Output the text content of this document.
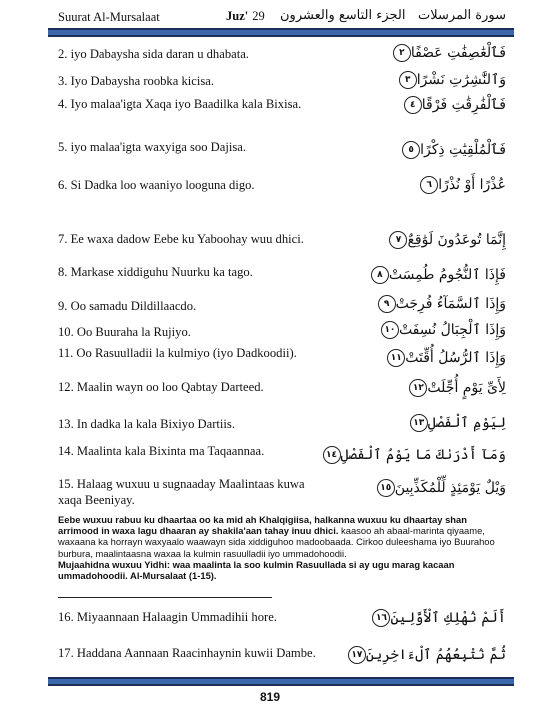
Suurat Al-Mursalaat	Juz' 29 الجزء التاسع والعشرون سورة المرسلات
2. iyo Dabaysha sida daran u dhabata.	فَٱلْعَٰصِفَٰتِ عَصْفًا٢
3. Iyo Dabaysha roobka kicisa.	وَٱلنَّٰشِرَٰتِ نَشْرًا٣
4. Iyo malaa'igta Xaqa iyo Baadilka kala Bixisa.	فَٱلْفَٰرِقَٰتِ فَرْقًا٤
5. iyo malaa'igta waxyiga soo Dajisa.	فَٱلْمُلْقِيَٰتِ ذِكْرًا٥
6. Si Dadka loo waaniyo looguna digo.	عُذْرًا أَوْ نُذْرًا٦
7. Ee waxa dadow Eebe ku Yaboohay wuu dhici.	إِنَّمَا تُوعَدُونَ لَوَٰقِعٌ٧
8. Markase xiddiguhu Nuurku ka tago.	فَإِذَا ٱلنُّجُومُ طُمِسَتْ٨
9. Oo samadu Dildillaacdo.	وَإِذَا ٱلسَّمَآءُ فُرِجَتْ٩
10. Oo Buuraha la Rujiyo.	وَإِذَا ٱلْجِبَالُ نُسِفَتْ١٠
11. Oo Rasuulladii la kulmiyo (iyo Dadkoodii).	وَإِذَا ٱلرُّسُلُ أُقِّتَتْ١١
12. Maalin wayn oo loo Qabtay Darteed.	لِأَىِّ يَوْمٍ أُجِّلَتْ١٢
13. In dadka la kala Bixiyo Dartiis.	لِيَوْمِ ٱلْفَصْلِ١٣
14. Maalinta kala Bixinta ma Taqaannaa.	وَمَآ أَدْرَىٰكَ مَا يَوْمُ ٱلْفَصْلِ١٤
15. Halaag wuxuu u sugnaaday Maalintaas kuwa xaqa Beeniyay.
وَيْلٌ يَوْمَئِذٍ لِّلْمُكَذِّبِينَ١٥

Eebe wuxuu rabuu ku dhaartaa oo ka mid ah Khalqigiisa, halkanna wuxuu ku dhaartay shan arrimood in waxa lagu dhaaran ay shakila'aan tahay inuu dhici. kaasoo ah abaal-marinta qiyaame, waxaana ka horrayn waxyaalo waawayn sida xiddiguhoo madoobaada. Cirkoo duleeshama iyo Buurahoo burbura, maalintaasna waxaa la kulmin rasuulladii iyo ummadohoodii.

Mujaahidna wuxuu Yidhi: waa maalinta la soo kulmin Rasuullada si ay ugu marag kacaan ummadohoodii. Al-Mursalaat (1-15).

16. Miyaannaan Halaagin Ummadihii hore.	أَلَمْ نُهْلِكِ ٱلْأَوَّلِينَ١٦
17. Haddana Aannaan Raacinhaynin kuwii Dambe.	ثُمَّ نُتْبِعُهُمُ ٱلْءَاخِرِينَ١٧
819
